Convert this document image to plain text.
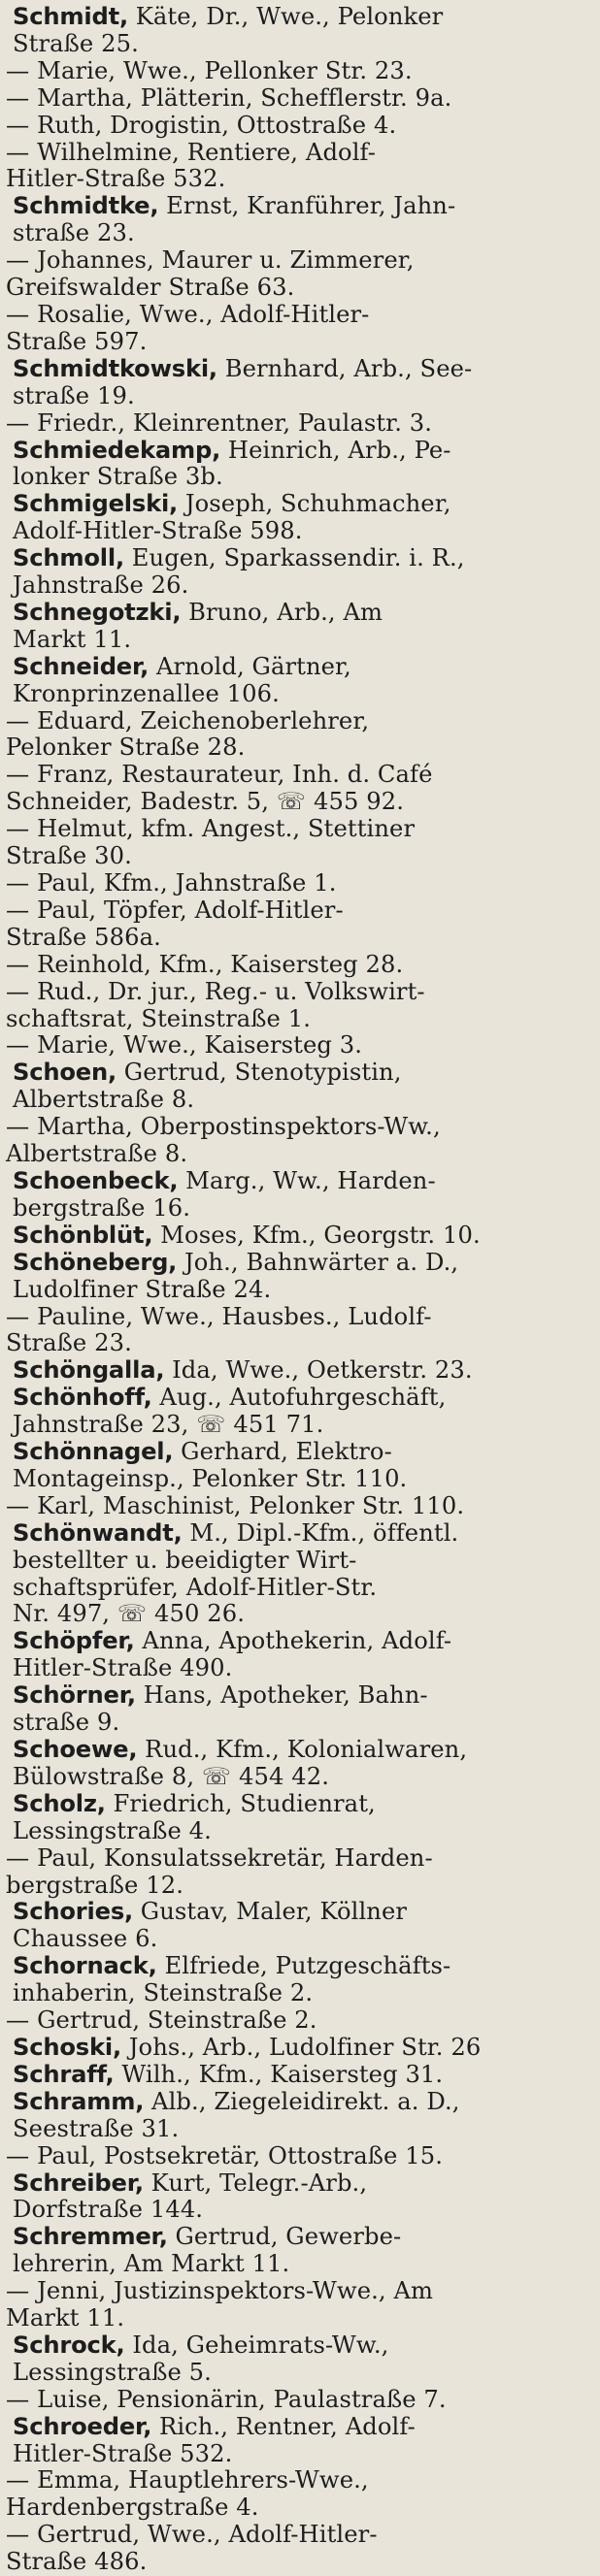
Schmidt, Käte, Dr., Wwe., Pelonker
Straße 25.
— Marie, Wwe., Pellonker Str. 23.
— Martha, Plätterin, Schefflerstr. 9a.
— Ruth, Drogistin, Ottostraße 4.
— Wilhelmine, Rentiere, Adolf-
Hitler-Straße 532.
Schmidtke, Ernst, Kranführer, Jahn-
straße 23.
— Johannes, Maurer u. Zimmerer,
Greifswalder Straße 63.
— Rosalie, Wwe., Adolf-Hitler-
Straße 597.
Schmidtkowski, Bernhard, Arb., See-
straße 19.
— Friedr., Kleinrentner, Paulastr. 3.
Schmiedekamp, Heinrich, Arb., Pe-
lonker Straße 3b.
Schmigelski, Joseph, Schuhmacher,
Adolf-Hitler-Straße 598.
Schmoll, Eugen, Sparkassendir. i. R.,
Jahnstraße 26.
Schnegotzki, Bruno, Arb., Am
Markt 11.
Schneider, Arnold, Gärtner,
Kronprinzenallee 106.
— Eduard, Zeichenoberlehrer,
Pelonker Straße 28.
— Franz, Restaurateur, Inh. d. Café
Schneider, Badestr. 5, ☏ 455 92.
— Helmut, kfm. Angest., Stettiner
Straße 30.
— Paul, Kfm., Jahnstraße 1.
— Paul, Töpfer, Adolf-Hitler-
Straße 586a.
— Reinhold, Kfm., Kaisersteg 28.
— Rud., Dr. jur., Reg.- u. Volkswirt-
schaftsrat, Steinstraße 1.
— Marie, Wwe., Kaisersteg 3.
Schoen, Gertrud, Stenotypistin,
Albertstraße 8.
— Martha, Oberpostinspektors-Ww.,
Albertstraße 8.
Schoenbeck, Marg., Ww., Harden-
bergstraße 16.
Schönblüt, Moses, Kfm., Georgstr. 10.
Schöneberg, Joh., Bahnwärter a. D.,
Ludolfiner Straße 24.
— Pauline, Wwe., Hausbes., Ludolf-
Straße 23.
Schöngalla, Ida, Wwe., Oetkerstr. 23.
Schönhoff, Aug., Autofuhrgeschäft,
Jahnstraße 23, ☏ 451 71.
Schönnagel, Gerhard, Elektro-
Montageinsp., Pelonker Str. 110.
— Karl, Maschinist, Pelonker Str. 110.
Schönwandt, M., Dipl.-Kfm., öffentl.
bestellter u. beeidigter Wirt-
schaftsprüfer, Adolf-Hitler-Str.
Nr. 497, ☏ 450 26.
Schöpfer, Anna, Apothekerin, Adolf-
Hitler-Straße 490.
Schörner, Hans, Apotheker, Bahn-
straße 9.
Schoewe, Rud., Kfm., Kolonialwaren,
Bülowstraße 8, ☏ 454 42.
Scholz, Friedrich, Studienrat,
Lessingstraße 4.
— Paul, Konsulatssekretär, Harden-
bergstraße 12.
Schories, Gustav, Maler, Köllner
Chaussee 6.
Schornack, Elfriede, Putzgeschäfts-
inhaberin, Steinstraße 2.
— Gertrud, Steinstraße 2.
Schoski, Johs., Arb., Ludolfiner Str. 26
Schraff, Wilh., Kfm., Kaisersteg 31.
Schramm, Alb., Ziegeleidirekt. a. D.,
Seestraße 31.
— Paul, Postsekretär, Ottostraße 15.
Schreiber, Kurt, Telegr.-Arb.,
Dorfstraße 144.
Schremmer, Gertrud, Gewerbe-
lehrerin, Am Markt 11.
— Jenni, Justizinspektors-Wwe., Am
Markt 11.
Schrock, Ida, Geheimrats-Ww.,
Lessingstraße 5.
— Luise, Pensionärin, Paulastraße 7.
Schroeder, Rich., Rentner, Adolf-
Hitler-Straße 532.
— Emma, Hauptlehrers-Wwe.,
Hardenbergstraße 4.
— Gertrud, Wwe., Adolf-Hitler-
Straße 486.
